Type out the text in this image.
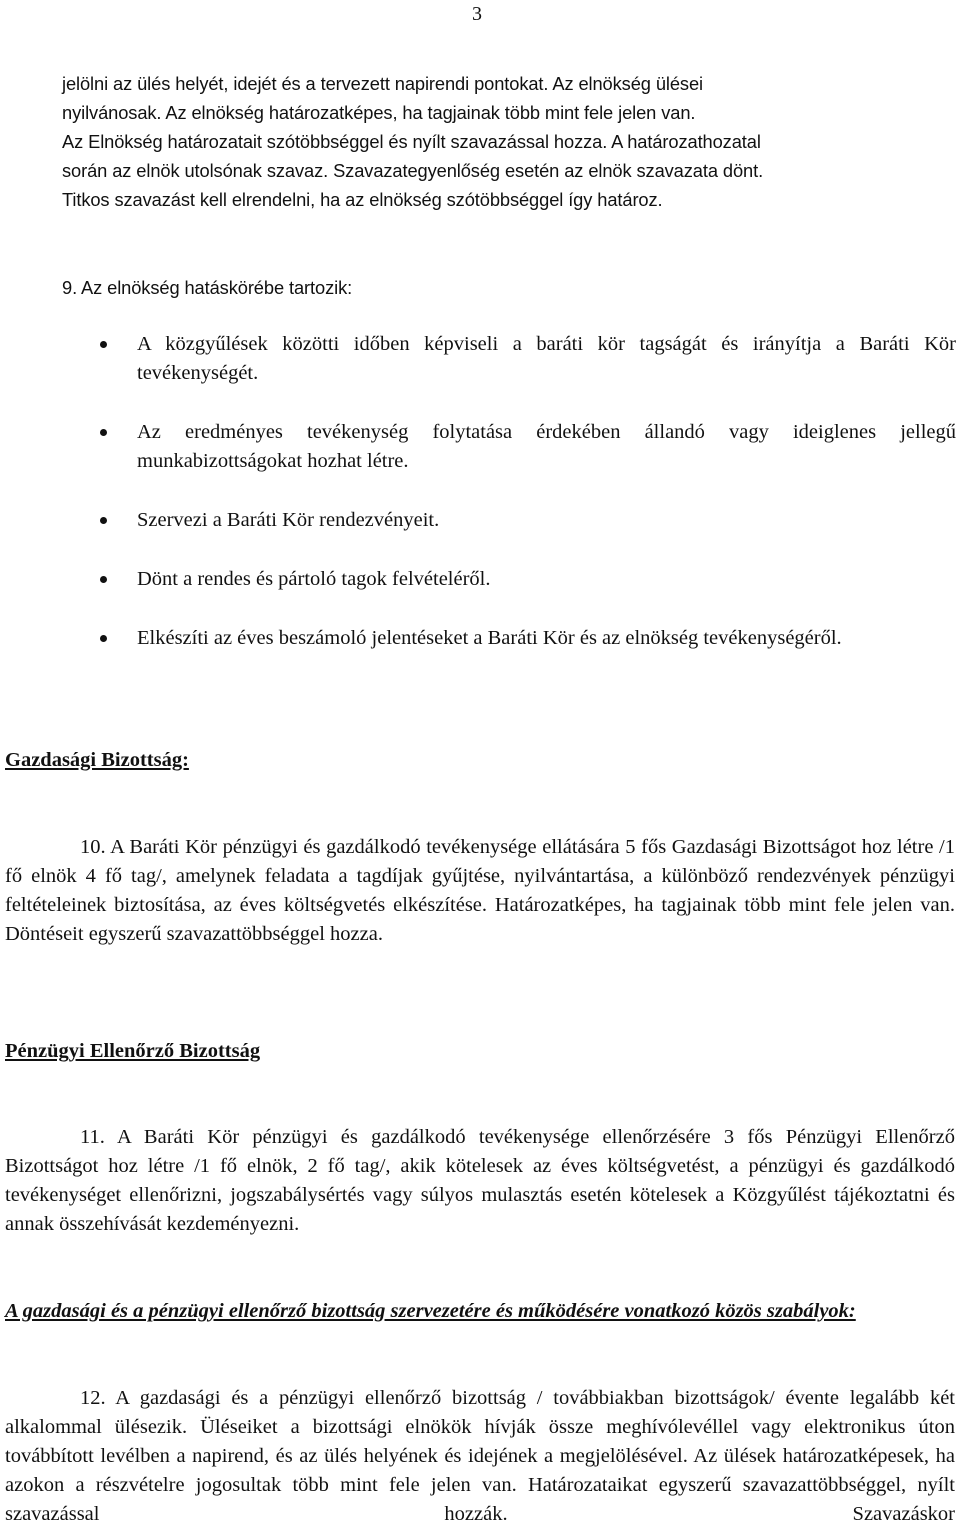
3
jelölni az ülés helyét, idejét és a tervezett napirendi pontokat. Az elnökség ülései
nyilvánosak. Az elnökség határozatképes, ha tagjainak több mint fele jelen van.
Az Elnökség határozatait szótöbbséggel és nyílt szavazással hozza. A határozathozatal
során az elnök utolsónak szavaz. Szavazategyenlőség esetén az elnök szavazata dönt.
Titkos szavazást kell elrendelni, ha az elnökség szótöbbséggel így határoz.
9. Az elnökség hatáskörébe tartozik:
A közgyűlések közötti időben képviseli a baráti kör tagságát és irányítja a Baráti Kör tevékenységét.
Az eredményes tevékenység folytatása érdekében állandó vagy ideiglenes jellegű munkabizottságokat hozhat létre.
Szervezi a Baráti Kör rendezvényeit.
Dönt a rendes és pártoló tagok felvételéről.
Elkészíti az éves beszámoló jelentéseket a Baráti Kör és az elnökség tevékenységéről.
Gazdasági Bizottság:
10. A Baráti Kör pénzügyi és gazdálkodó tevékenysége ellátására 5 fős Gazdasági Bizottságot hoz létre /1 fő elnök 4 fő tag/, amelynek feladata a tagdíjak gyűjtése, nyilvántartása, a különböző rendezvények pénzügyi feltételeinek biztosítása, az éves költségvetés elkészítése. Határozatképes, ha tagjainak több mint fele jelen van. Döntéseit egyszerű szavazattöbbséggel hozza.
Pénzügyi Ellenőrző Bizottság
11. A Baráti Kör pénzügyi és gazdálkodó tevékenysége ellenőrzésére 3 fős Pénzügyi Ellenőrző Bizottságot hoz létre /1 fő elnök, 2 fő tag/, akik kötelesek az éves költségvetést, a pénzügyi és gazdálkodó tevékenységet ellenőrizni, jogszabálysértés vagy súlyos mulasztás esetén kötelesek a Közgyűlést tájékoztatni és annak összehívását kezdeményezni.
A gazdasági és a pénzügyi ellenőrző bizottság szervezetére és működésére vonatkozó közös szabályok:
12. A gazdasági és a pénzügyi ellenőrző bizottság / továbbiakban bizottságok/ évente legalább két alkalommal ülésezik. Üléseiket a bizottsági elnökök hívják össze meghívólevéllel vagy elektronikus úton továbbított levélben a napirend, és az ülés helyének és idejének a megjelölésével. Az ülések határozatképesek, ha azokon a részvételre jogosultak több mint fele jelen van. Határozataikat egyszerű szavazattöbbséggel, nyílt szavazással hozzák. Szavazáskor
